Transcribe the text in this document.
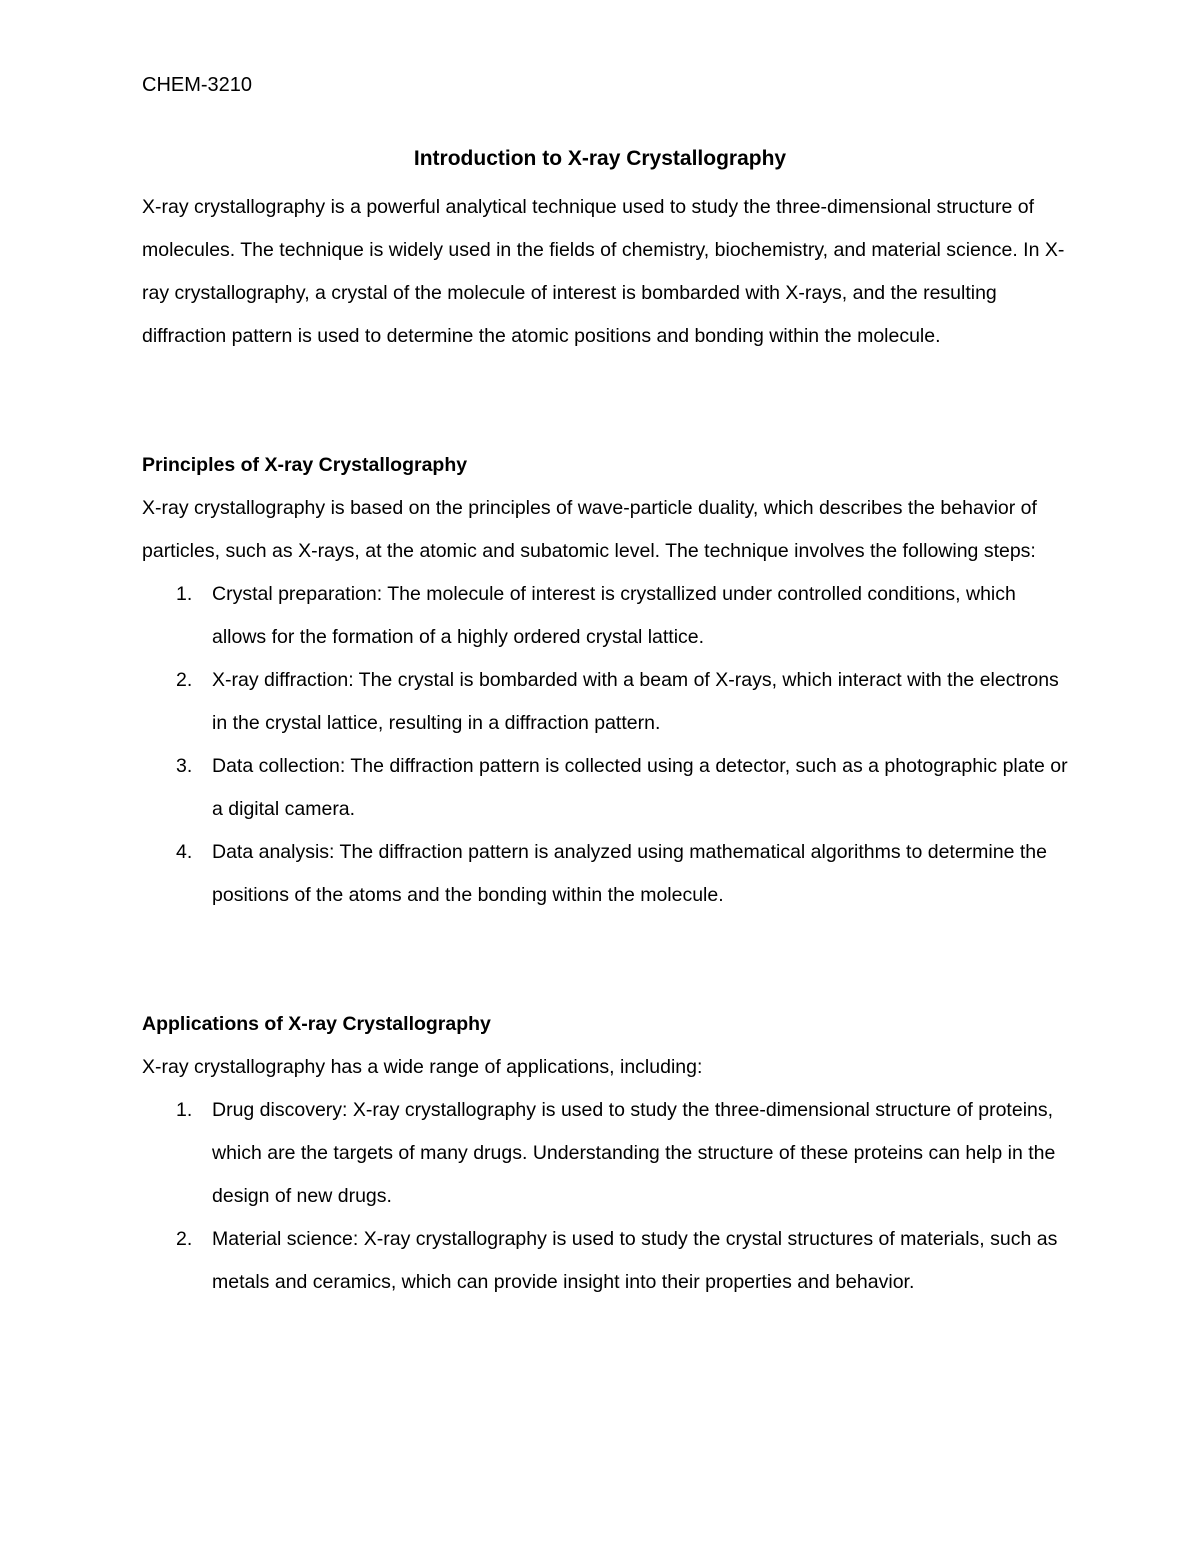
CHEM-3210
Introduction to X-ray Crystallography

X-ray crystallography is a powerful analytical technique used to study the three-dimensional structure of molecules. The technique is widely used in the fields of chemistry, biochemistry, and material science. In X-ray crystallography, a crystal of the molecule of interest is bombarded with X-rays, and the resulting diffraction pattern is used to determine the atomic positions and bonding within the molecule.

Principles of X-ray Crystallography

X-ray crystallography is based on the principles of wave-particle duality, which describes the behavior of particles, such as X-rays, at the atomic and subatomic level. The technique involves the following steps:

1. Crystal preparation: The molecule of interest is crystallized under controlled conditions, which allows for the formation of a highly ordered crystal lattice.
2. X-ray diffraction: The crystal is bombarded with a beam of X-rays, which interact with the electrons in the crystal lattice, resulting in a diffraction pattern.
3. Data collection: The diffraction pattern is collected using a detector, such as a photographic plate or a digital camera.
4. Data analysis: The diffraction pattern is analyzed using mathematical algorithms to determine the positions of the atoms and the bonding within the molecule.
Applications of X-ray Crystallography

X-ray crystallography has a wide range of applications, including:

1. Drug discovery: X-ray crystallography is used to study the three-dimensional structure of proteins, which are the targets of many drugs. Understanding the structure of these proteins can help in the design of new drugs.
2. Material science: X-ray crystallography is used to study the crystal structures of materials, such as metals and ceramics, which can provide insight into their properties and behavior.
